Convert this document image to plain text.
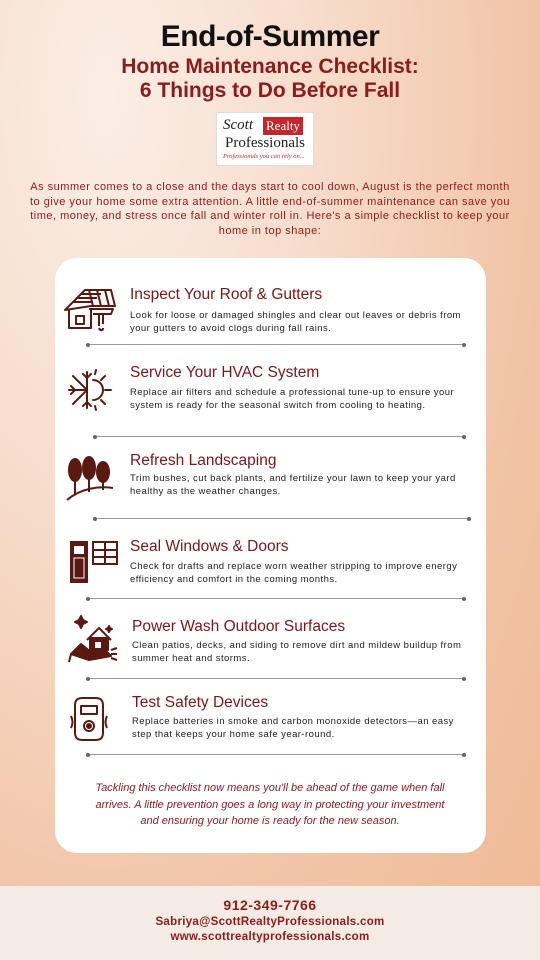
End-of-Summer
Home Maintenance Checklist:
6 Things to Do Before Fall
Scott Realty
Professionals
Professionals you can rely on...
As summer comes to a close and the days start to cool down, August is the perfect month to give your home some extra attention. A little end-of-summer maintenance can save you time, money, and stress once fall and winter roll in. Here's a simple checklist to keep your home in top shape:
Inspect Your Roof & Gutters

Look for loose or damaged shingles and clear out leaves or debris from your gutters to avoid clogs during fall rains.

Service Your HVAC System

Replace air filters and schedule a professional tune-up to ensure your system is ready for the seasonal switch from cooling to heating.

Refresh Landscaping

Trim bushes, cut back plants, and fertilize your lawn to keep your yard healthy as the weather changes.

Seal Windows & Doors

Check for drafts and replace worn weather stripping to improve energy efficiency and comfort in the coming months.

Power Wash Outdoor Surfaces

Clean patios, decks, and siding to remove dirt and mildew buildup from summer heat and storms.

Test Safety Devices

Replace batteries in smoke and carbon monoxide detectors—an easy step that keeps your home safe year-round.

Tackling this checklist now means you'll be ahead of the game when fall arrives. A little prevention goes a long way in protecting your investment and ensuring your home is ready for the new season.
912-349-7766
Sabriya@ScottRealtyProfessionals.com
www.scottrealtyprofessionals.com
